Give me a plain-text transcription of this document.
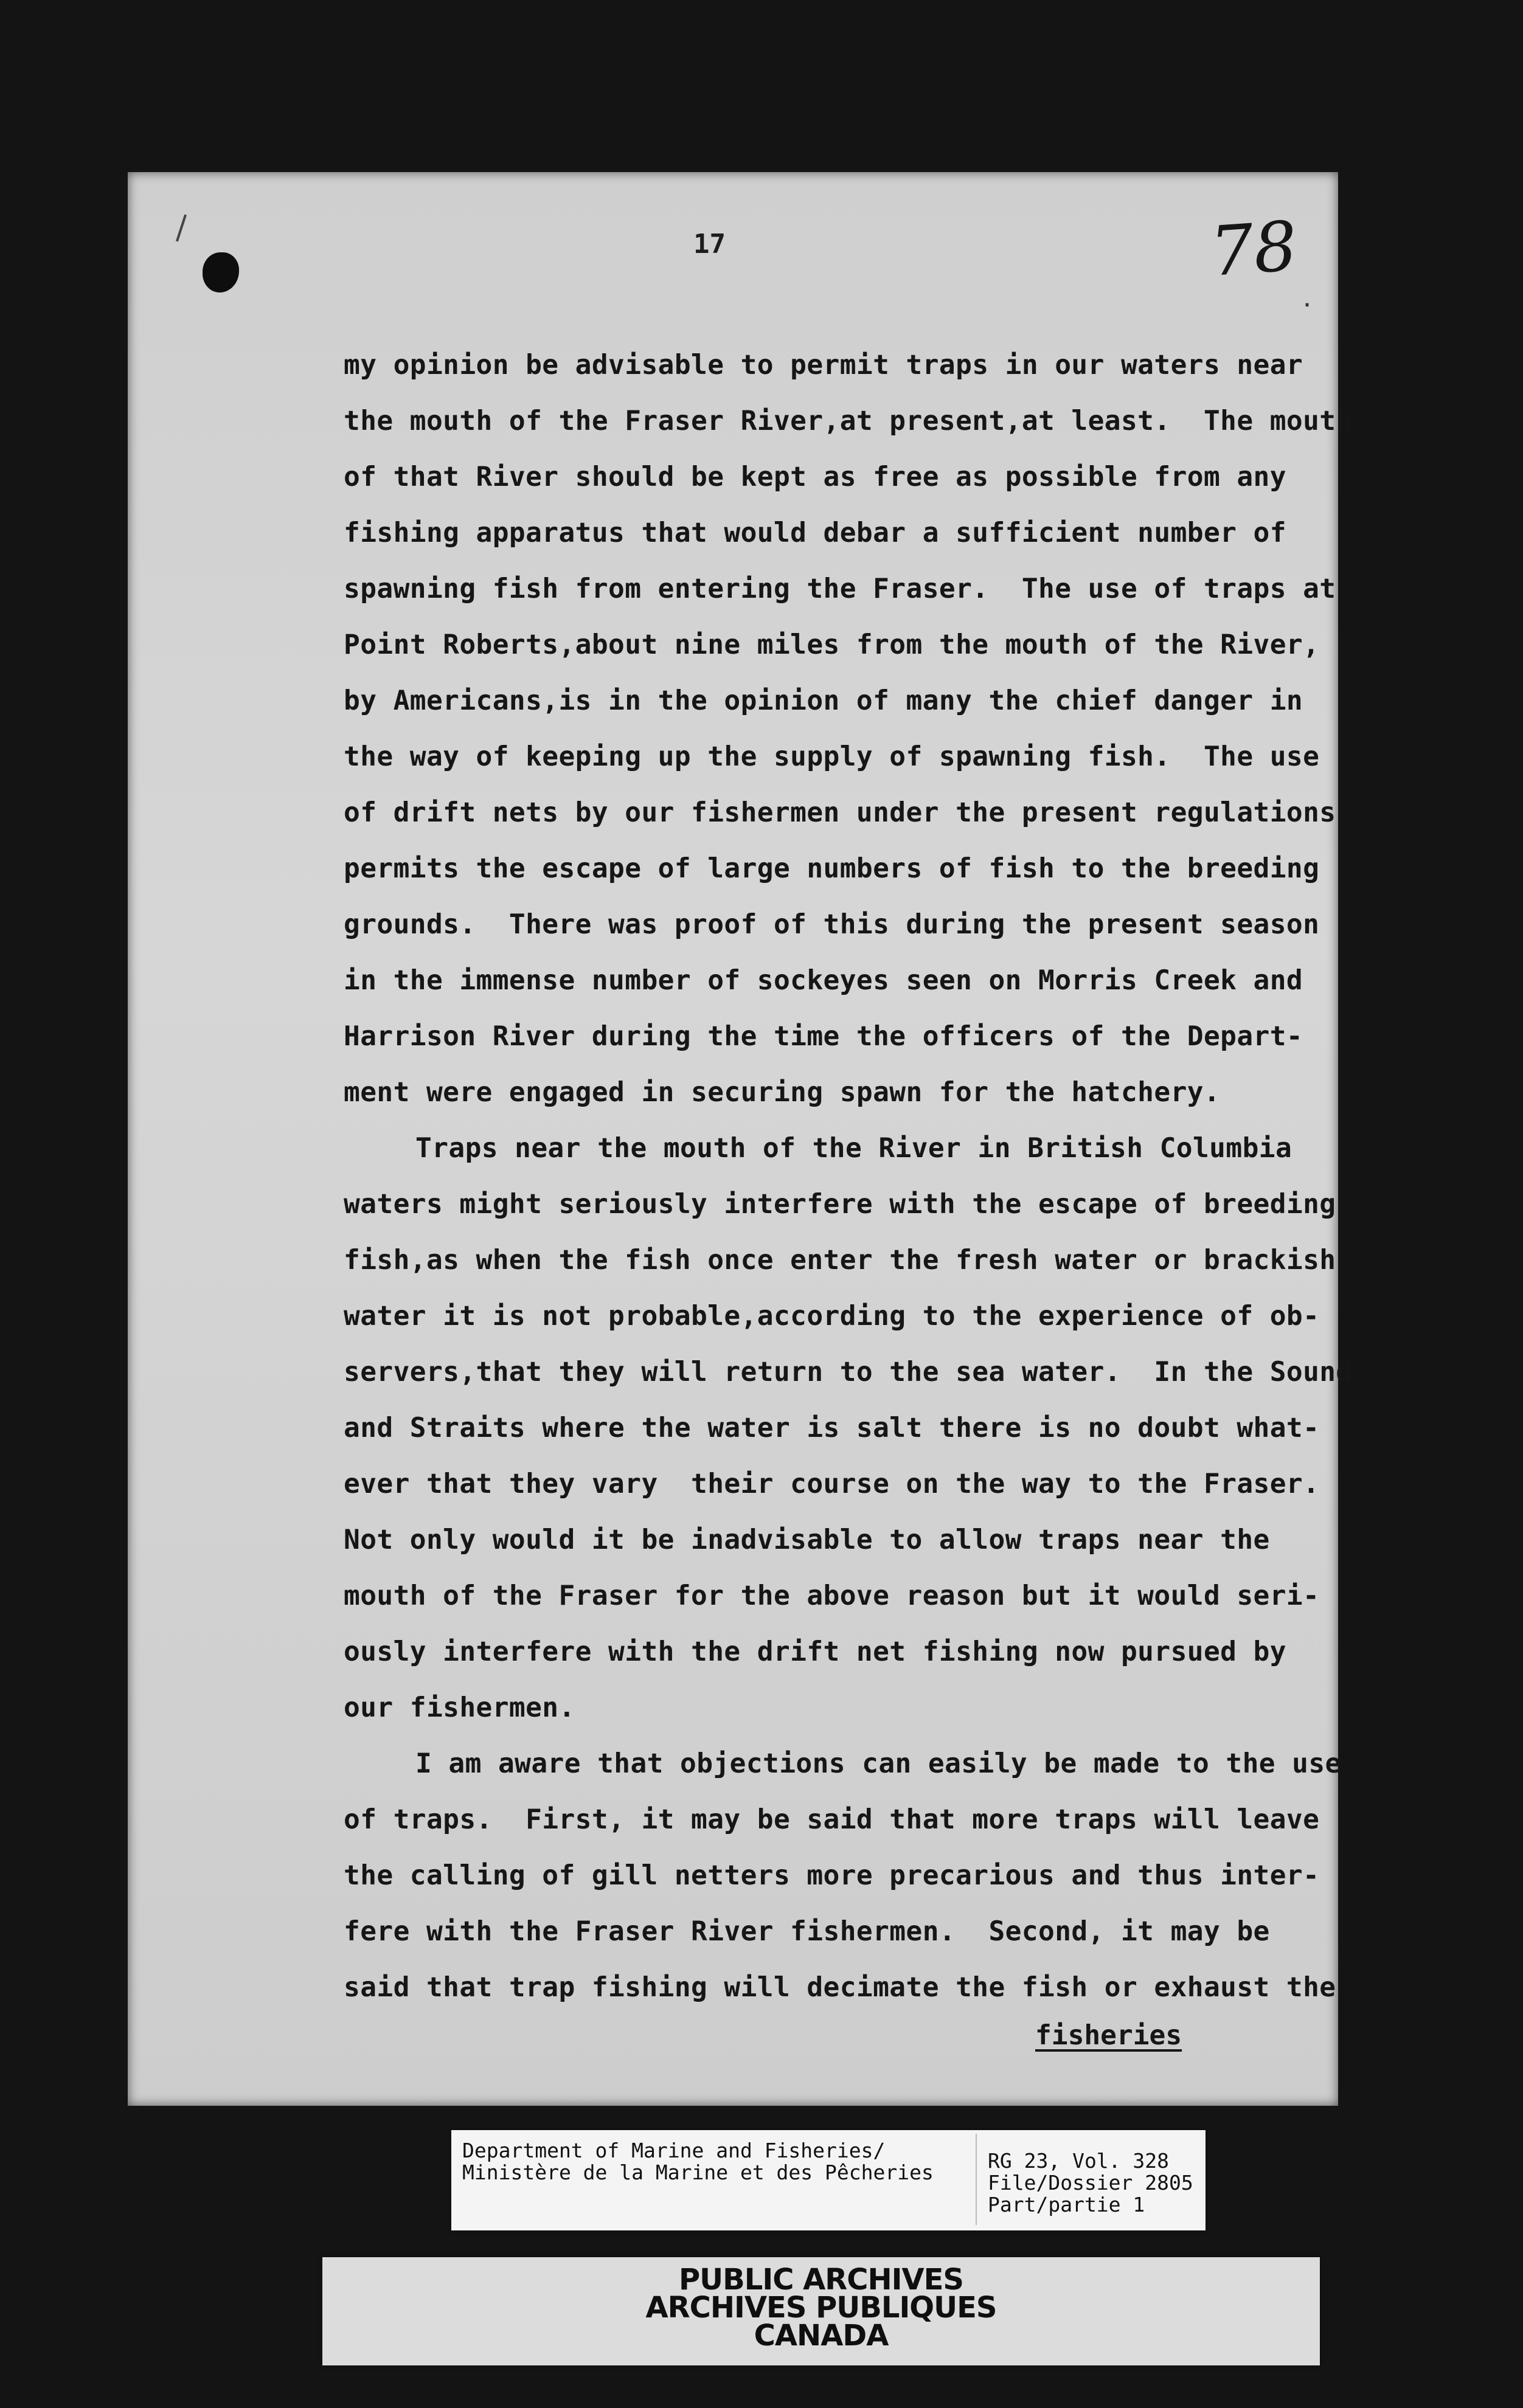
·
17	78
my opinion be advisable to permit traps in our waters near
the mouth of the Fraser River,at present,at least.  The mouth
of that River should be kept as free as possible from any
fishing apparatus that would debar a sufficient number of
spawning fish from entering the Fraser.  The use of traps at
Point Roberts,about nine miles from the mouth of the River,
by Americans,is in the opinion of many the chief danger in
the way of keeping up the supply of spawning fish.  The use
of drift nets by our fishermen under the present regulations
permits the escape of large numbers of fish to the breeding
grounds.  There was proof of this during the present season
in the immense number of sockeyes seen on Morris Creek and
Harrison River during the time the officers of the Depart-
ment were engaged in securing spawn for the hatchery.
Traps near the mouth of the River in British Columbia
waters might seriously interfere with the escape of breeding
fish,as when the fish once enter the fresh water or brackish
water it is not probable,according to the experience of ob-
servers,that they will return to the sea water.  In the Sound
and Straits where the water is salt there is no doubt what-
ever that they vary  their course on the way to the Fraser.
Not only would it be inadvisable to allow traps near the
mouth of the Fraser for the above reason but it would seri-
ously interfere with the drift net fishing now pursued by
our fishermen.
I am aware that objections can easily be made to the use
of traps.  First, it may be said that more traps will leave
the calling of gill netters more precarious and thus inter-
fere with the Fraser River fishermen.  Second, it may be
said that trap fishing will decimate the fish or exhaust the
fisheries
Department of Marine and Fisheries/
Ministère de la Marine et des Pêcheries	RG 23, Vol. 328
File/Dossier 2805
Part/partie 1
PUBLIC ARCHIVES
ARCHIVES PUBLIQUES
CANADA
